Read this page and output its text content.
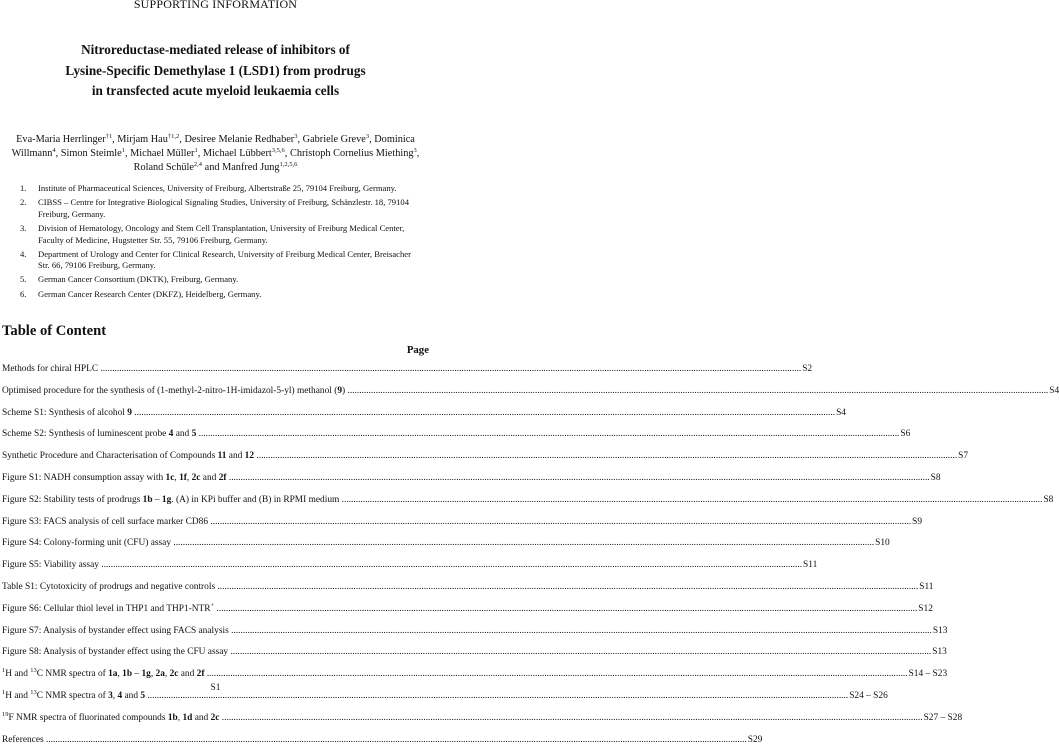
SUPPORTING INFORMATION
Nitroreductase-mediated release of inhibitors of
Lysine-Specific Demethylase 1 (LSD1) from prodrugs
in transfected acute myeloid leukaemia cells
Eva-Maria Herrlinger$^{\dagger 1}$, Mirjam Hau$^{\dagger 1,2}$, Desiree Melanie Redhaber$^3$, Gabriele Greve$^3$, Dominica Willmann$^4$, Simon Steimle$^1$, Michael Müller$^1$, Michael Lübbert$^{3,5,6}$, Christoph Cornelius Miething$^3$, Roland Schüle$^{2,4}$ and Manfred Jung$^{1,2,5,6}$
1.	Institute of Pharmaceutical Sciences, University of Freiburg, Albertstraße 25, 79104 Freiburg, Germany.
2.	CIBSS – Centre for Integrative Biological Signaling Studies, University of Freiburg, Schänzlestr. 18, 79104 Freiburg, Germany.
3.	Division of Hematology, Oncology and Stem Cell Transplantation, University of Freiburg Medical Center, Faculty of Medicine, Hugstetter Str. 55, 79106 Freiburg, Germany.
4.	Department of Urology and Center for Clinical Research, University of Freiburg Medical Center, Breisacher Str. 66, 79106 Freiburg, Germany.
5.	German Cancer Consortium (DKTK), Freiburg, Germany.
6.	German Cancer Research Center (DKFZ), Heidelberg, Germany.
Table of Content
Page
Methods for chiral HPLC .....	S2
Optimised procedure for the synthesis of (1-methyl-2-nitro-1H-imidazol-5-yl) methanol (9) .....	S4
Scheme S1: Synthesis of alcohol 9 .....	S4
Scheme S2: Synthesis of luminescent probe 4 and 5 .....	S6
Synthetic Procedure and Characterisation of Compounds 11 and 12 .....	S7
Figure S1: NADH consumption assay with 1c, 1f, 2c and 2f .....	S8
Figure S2: Stability tests of prodrugs 1b – 1g. (A) in KPi buffer and (B) in RPMI medium .....	S8
Figure S3: FACS analysis of cell surface marker CD86 .....	S9
Figure S4: Colony-forming unit (CFU) assay .....	S10
Figure S5: Viability assay .....	S11
Table S1: Cytotoxicity of prodrugs and negative controls .....	S11
Figure S6: Cellular thiol level in THP1 and THP1-NTR+ .....	S12
Figure S7: Analysis of bystander effect using FACS analysis .....	S13
Figure S8: Analysis of bystander effect using the CFU assay .....	S13
$^1$H and $^{13}$C NMR spectra of 1a, 1b – 1g, 2a, 2c and 2f .....	S14 – S23
$^1$H and $^{13}$C NMR spectra of 3, 4 and 5 .....	S24 – S26
$^{19}$F NMR spectra of fluorinated compounds 1b, 1d and 2c .....	S27 – S28
References .....	S29
S1
